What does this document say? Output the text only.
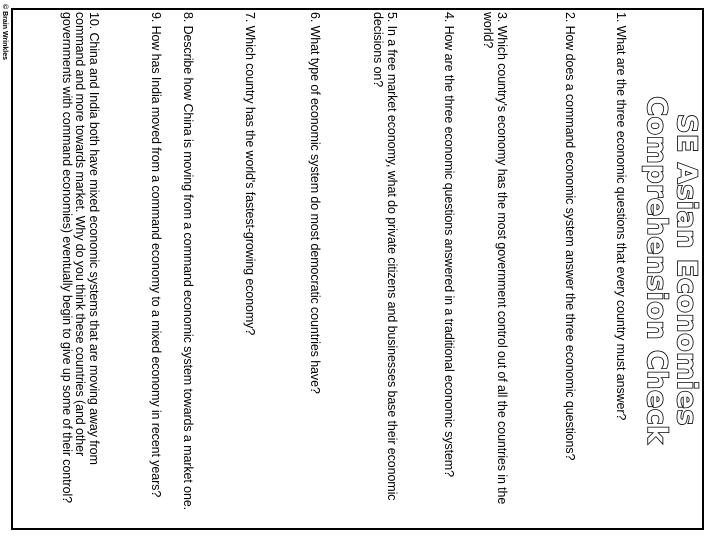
SE Asian Economies
Comprehension Check
1. What are the three economic questions that every country must answer?
2. How does a command economic system answer the three economic questions?
3. Which country's economy has the most government control out of all the countries in the world?
4. How are the three economic questions answered in a traditional economic system?
5. In a free market economy, what do private citizens and businesses base their economic decisions on?
6. What type of economic system do most democratic countries have?
7. Which country has the world's fastest-growing economy?
8. Describe how China is moving from a command economic system towards a market one.
9. How has India moved from a command economy to a mixed economy in recent years?
10. China and India both have mixed economic systems that are moving away from command and more towards market. Why do you think these countries (and other governments with command economies) eventually begin to give up some of their control?
© Brain Wrinkles
